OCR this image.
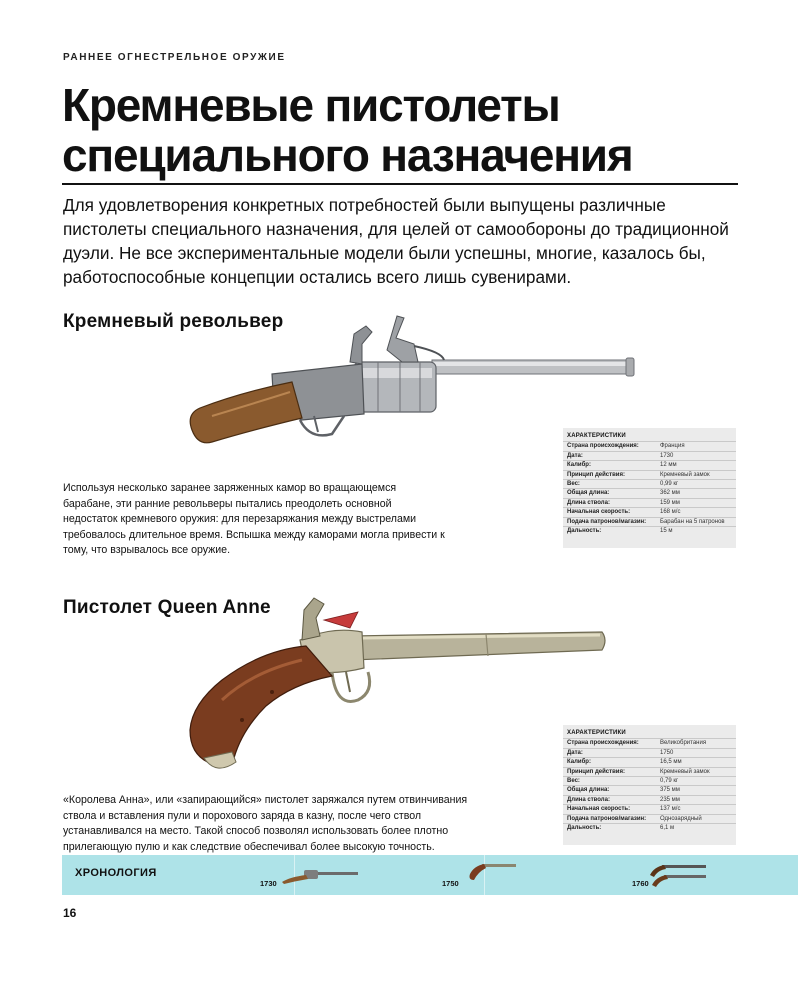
РАННЕЕ ОГНЕСТРЕЛЬНОЕ ОРУЖИЕ
Кремневые пистолеты
специального назначения

Для удовлетворения конкретных потребностей были выпущены различные пистолеты специального назначения, для целей от самообороны до традиционной дуэли. Не все экспериментальные модели были успешны, многие, казалось бы, работоспособные концепции остались всего лишь сувенирами.

Кремневый револьвер

Используя несколько заранее заряженных камор во вращающемся барабане, эти ранние револьверы пытались преодолеть основной недостаток кремневого оружия: для перезаряжания между выстрелами требовалось длительное время. Вспышка между каморами могла привести к тому, что взрывалось все оружие.

ХАРАКТЕРИСТИКИ
Страна происхождения:	Франция
Дата:	1730
Калибр:	12 мм
Принцип действия:	Кремневый замок
Вес:	0,99 кг
Общая длина:	362 мм
Длина ствола:	159 мм
Начальная скорость:	168 м/с
Подача патронов/магазин:	Барабан на 5 патронов
Дальность:	15 м
Пистолет Queen Anne

«Королева Анна», или «запирающийся» пистолет заряжался путем отвинчивания ствола и вставления пули и порохового заряда в казну, после чего ствол устанавливался на место. Такой способ позволял использовать более плотно прилегающую пулю и как следствие обеспечивал более высокую точность.

ХАРАКТЕРИСТИКИ
Страна происхождения:	Великобритания
Дата:	1750
Калибр:	16,5 мм
Принцип действия:	Кремневый замок
Вес:	0,79 кг
Общая длина:	375 мм
Длина ствола:	235 мм
Начальная скорость:	137 м/с
Подача патронов/магазин:	Однозарядный
Дальность:	6,1 м
ХРОНОЛОГИЯ
1730	1750	1760
16
